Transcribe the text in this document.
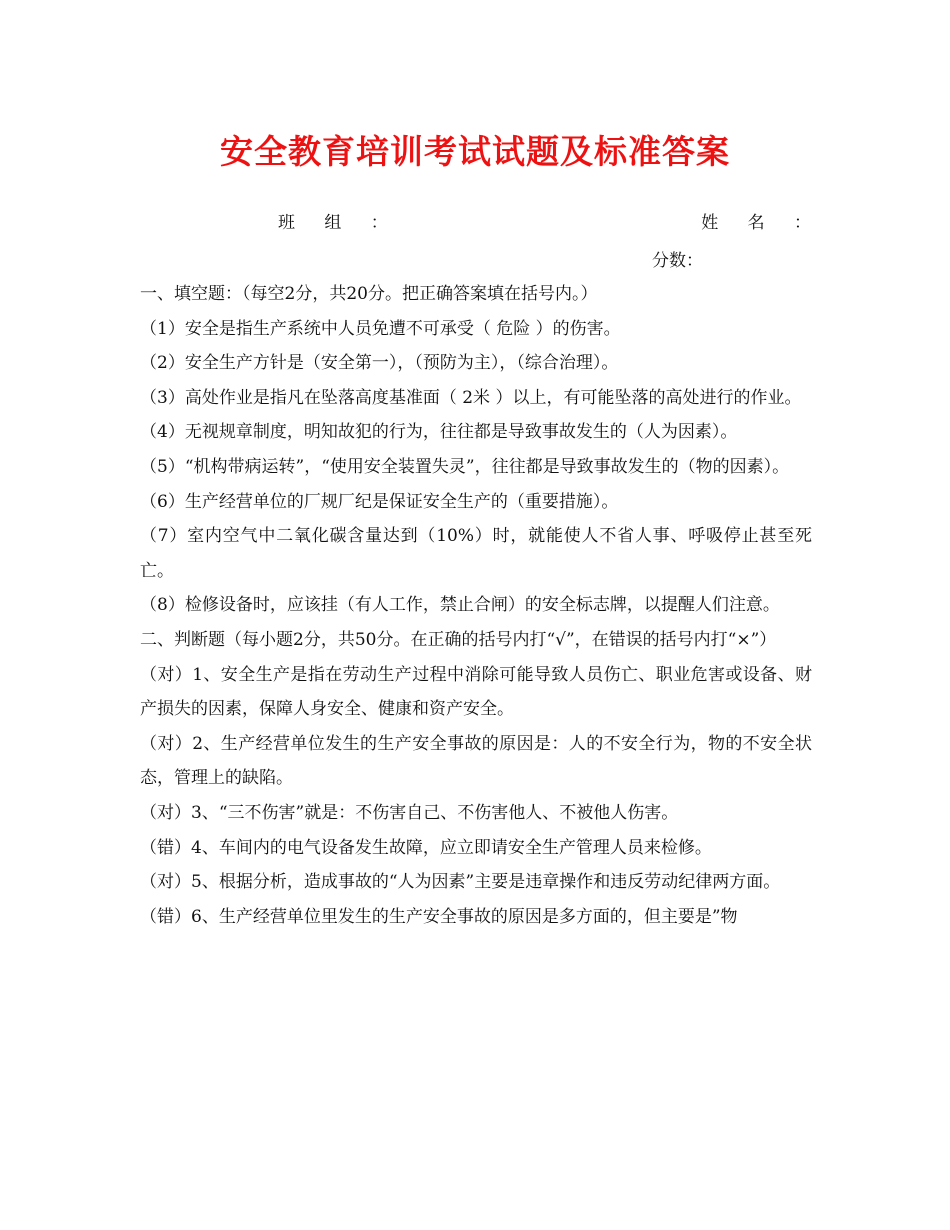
安全教育培训考试试题及标准答案
班 组 ：	姓 名 ：
分数：

一、填空题：（每空2分，共20分。把正确答案填在括号内。）

（1）安全是指生产系统中人员免遭不可承受（ 危险 ）的伤害。

（2）安全生产方针是（安全第一），（预防为主），（综合治理）。

（3）高处作业是指凡在坠落高度基准面（ 2米 ）以上，有可能坠落的高处进行的作业。

（4）无视规章制度，明知故犯的行为，往往都是导致事故发生的（人为因素）。

（5）“机构带病运转”，“使用安全装置失灵”，往往都是导致事故发生的（物的因素）。

（6）生产经营单位的厂规厂纪是保证安全生产的（重要措施）。

（7）室内空气中二氧化碳含量达到（10%）时，就能使人不省人事、呼吸停止甚至死亡。

（8）检修设备时，应该挂（有人工作，禁止合闸）的安全标志牌，以提醒人们注意。

二、判断题（每小题2分，共50分。在正确的括号内打“√”，在错误的括号内打“×”）

（对）1、安全生产是指在劳动生产过程中消除可能导致人员伤亡、职业危害或设备、财产损失的因素，保障人身安全、健康和资产安全。

（对）2、生产经营单位发生的生产安全事故的原因是：人的不安全行为，物的不安全状态，管理上的缺陷。

（对）3、“三不伤害”就是：不伤害自己、不伤害他人、不被他人伤害。

（错）4、车间内的电气设备发生故障，应立即请安全生产管理人员来检修。

（对）5、根据分析，造成事故的“人为因素”主要是违章操作和违反劳动纪律两方面。

（错）6、生产经营单位里发生的生产安全事故的原因是多方面的，但主要是”物
